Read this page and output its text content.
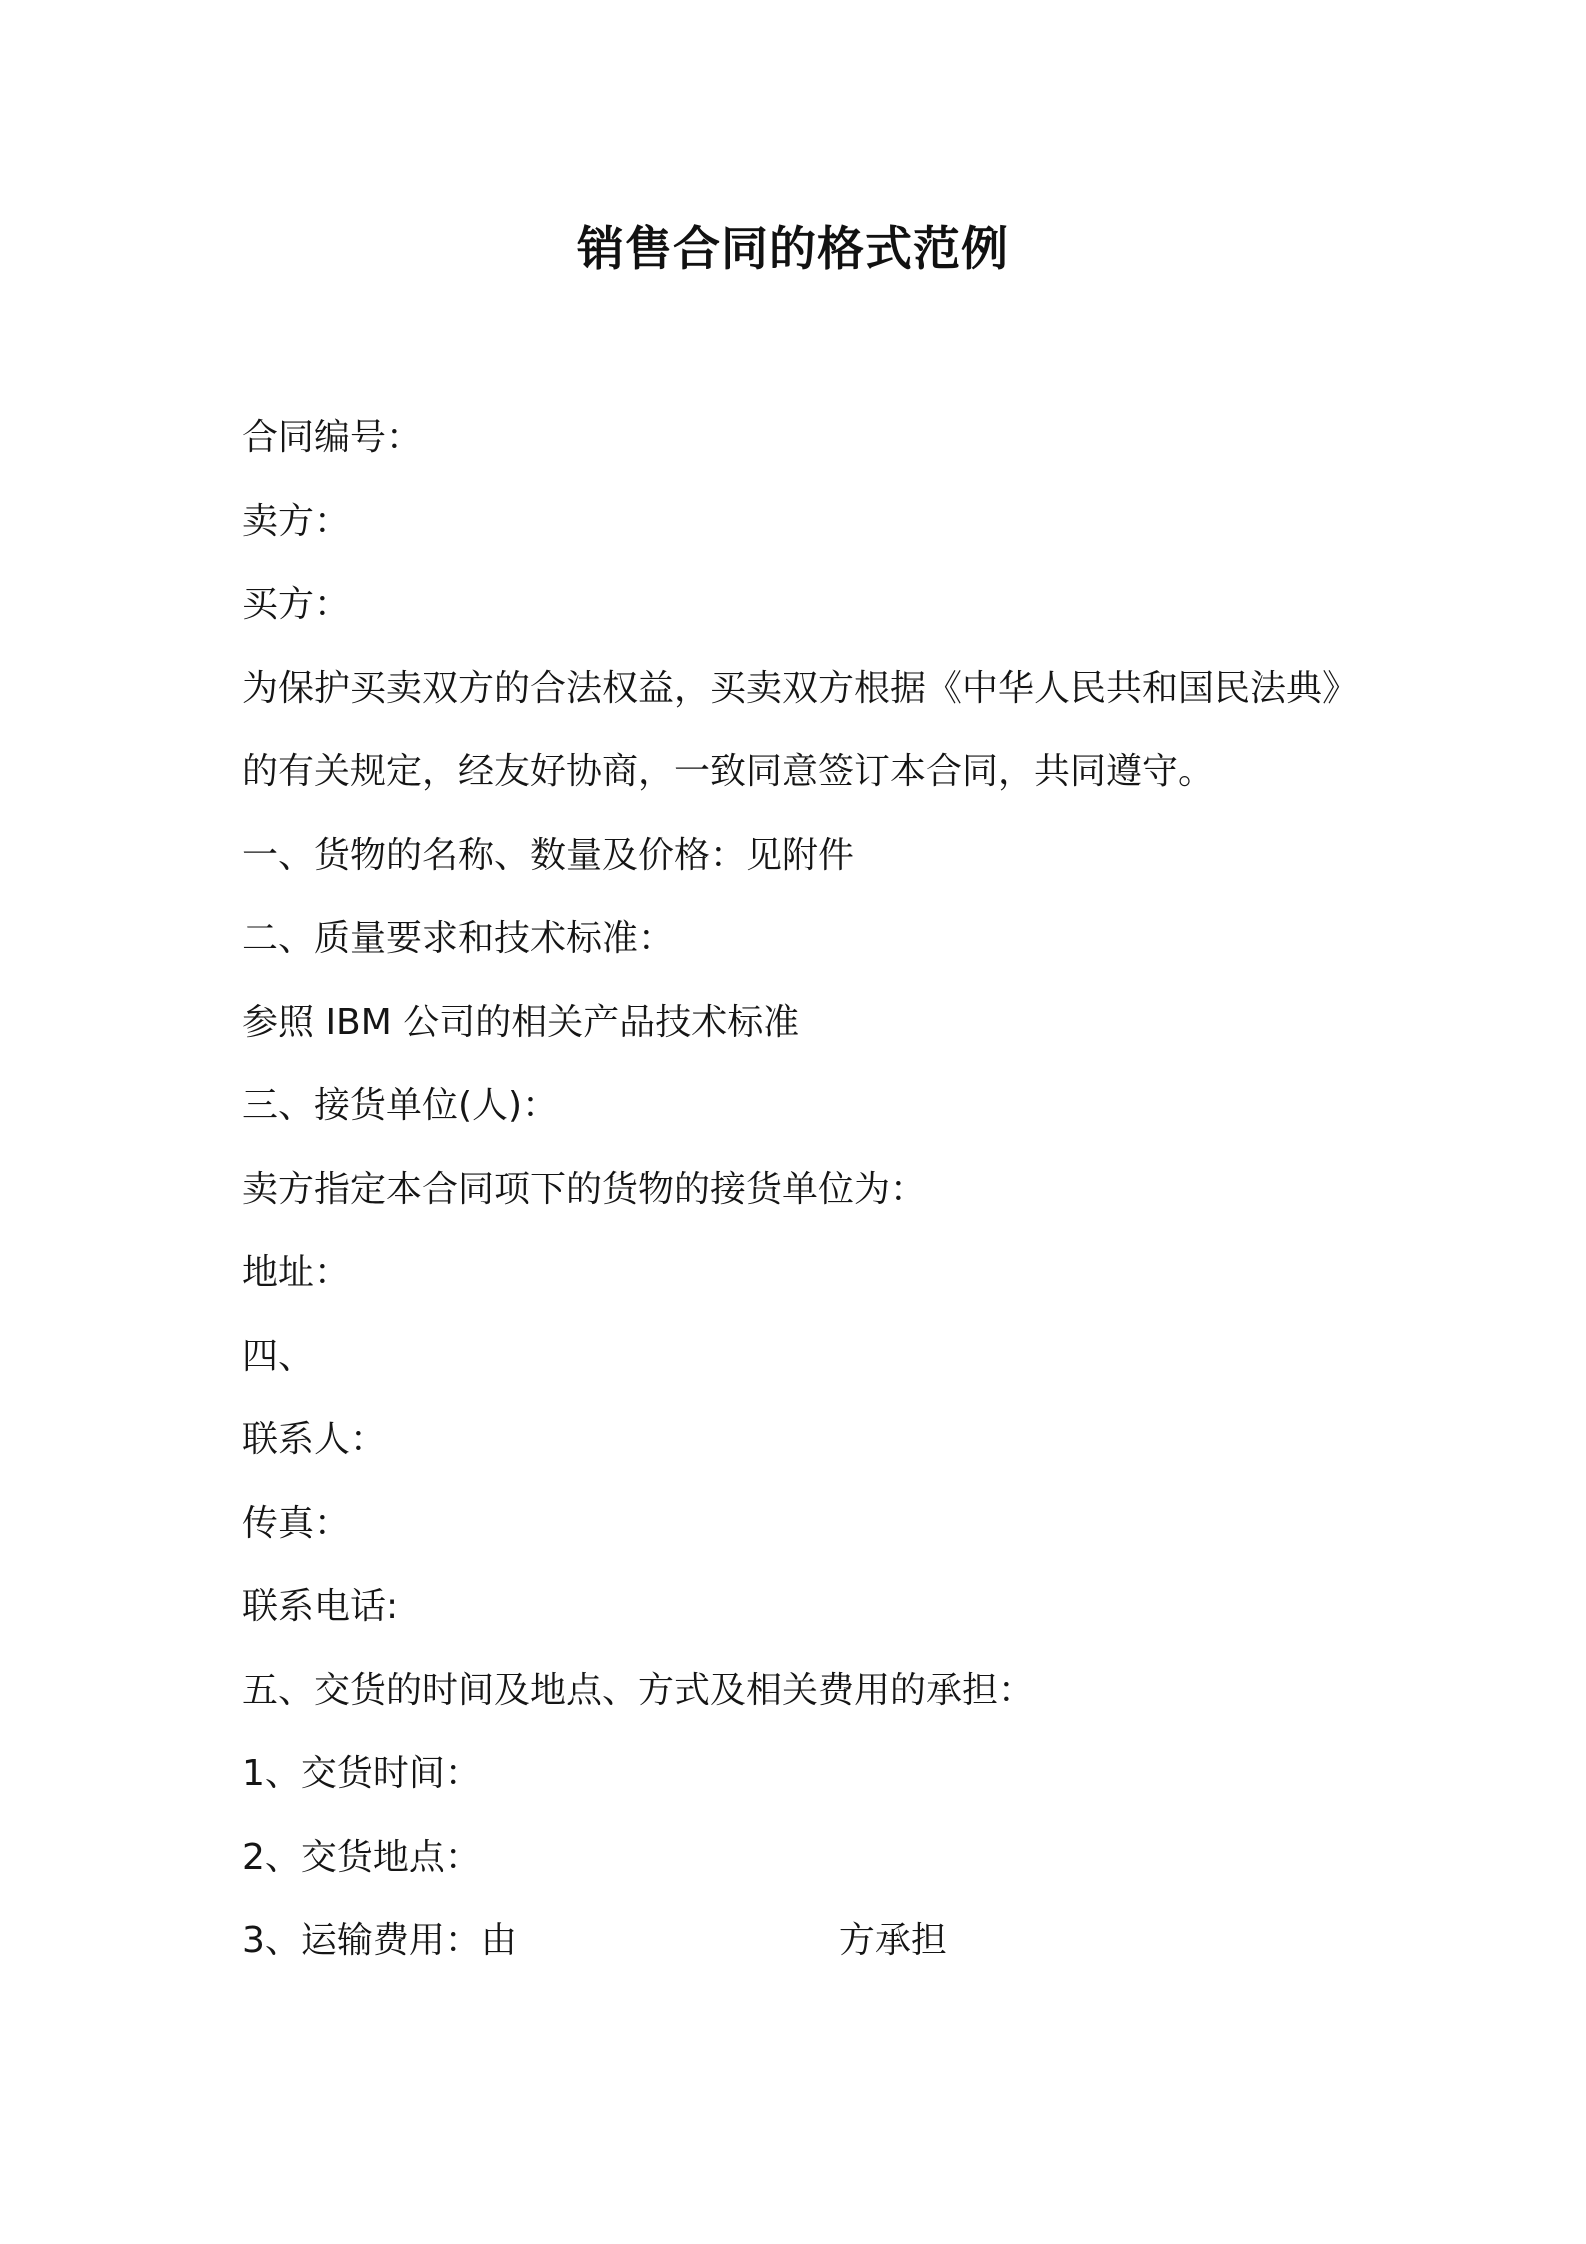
销售合同的格式范例
合同编号：
卖方：
买方：
为保护买卖双方的合法权益，买卖双方根据《中华人民共和国民法典》
的有关规定，经友好协商，一致同意签订本合同，共同遵守。
一、货物的名称、数量及价格：见附件
二、质量要求和技术标准：
参照 IBM 公司的相关产品技术标准
三、接货单位(人)：
卖方指定本合同项下的货物的接货单位为：
地址：
四、
联系人：
传真：
联系电话:
五、交货的时间及地点、方式及相关费用的承担：
1、交货时间：
2、交货地点：
3、运输费用：由	方承担
